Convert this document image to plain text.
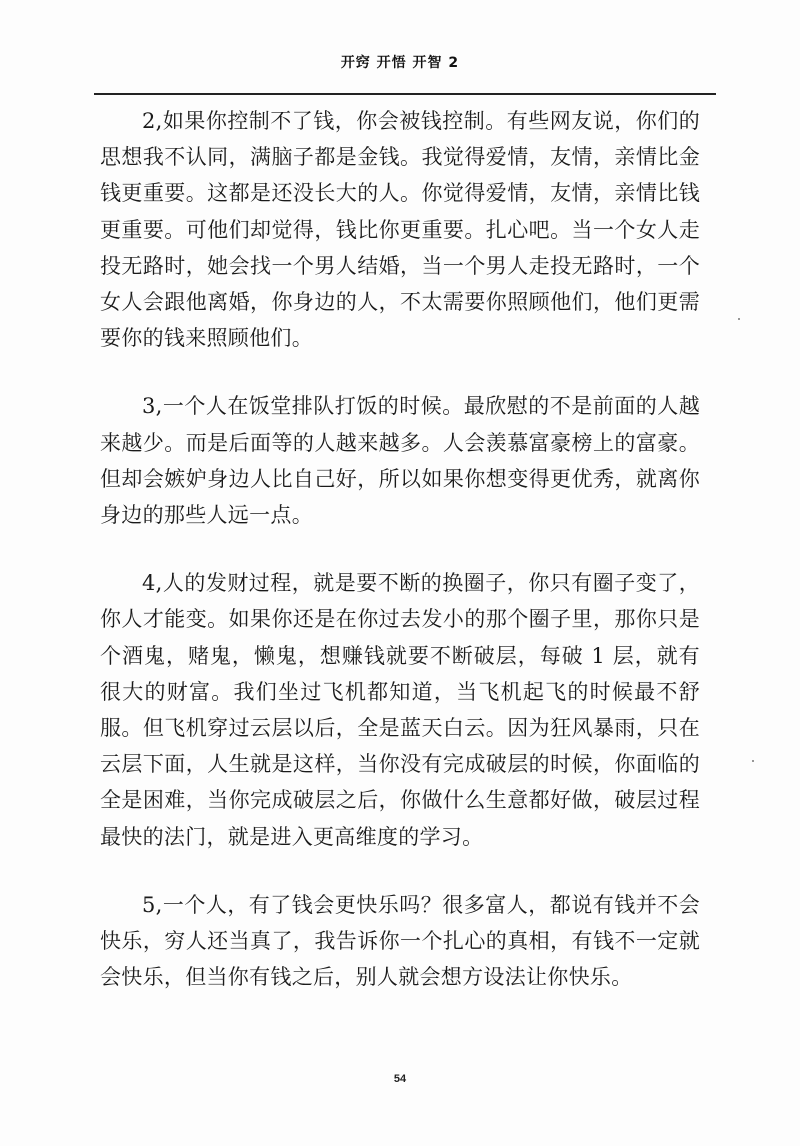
开窍 开悟 开智 2

2,如果你控制不了钱，你会被钱控制。有些网友说，你们的思想我不认同，满脑子都是金钱。我觉得爱情，友情，亲情比金钱更重要。这都是还没长大的人。你觉得爱情，友情，亲情比钱更重要。可他们却觉得，钱比你更重要。扎心吧。当一个女人走投无路时，她会找一个男人结婚，当一个男人走投无路时，一个女人会跟他离婚，你身边的人，不太需要你照顾他们，他们更需要你的钱来照顾他们。

3,一个人在饭堂排队打饭的时候。最欣慰的不是前面的人越来越少。而是后面等的人越来越多。人会羡慕富豪榜上的富豪。但却会嫉妒身边人比自己好，所以如果你想变得更优秀，就离你身边的那些人远一点。

4,人的发财过程，就是要不断的换圈子，你只有圈子变了，你人才能变。如果你还是在你过去发小的那个圈子里，那你只是个酒鬼，赌鬼，懒鬼，想赚钱就要不断破层，每破 1 层，就有很大的财富。我们坐过飞机都知道，当飞机起飞的时候最不舒服。但飞机穿过云层以后，全是蓝天白云。因为狂风暴雨，只在云层下面，人生就是这样，当你没有完成破层的时候，你面临的全是困难，当你完成破层之后，你做什么生意都好做，破层过程最快的法门，就是进入更高维度的学习。

5,一个人，有了钱会更快乐吗？很多富人，都说有钱并不会快乐，穷人还当真了，我告诉你一个扎心的真相，有钱不一定就会快乐，但当你有钱之后，别人就会想方设法让你快乐。

54
